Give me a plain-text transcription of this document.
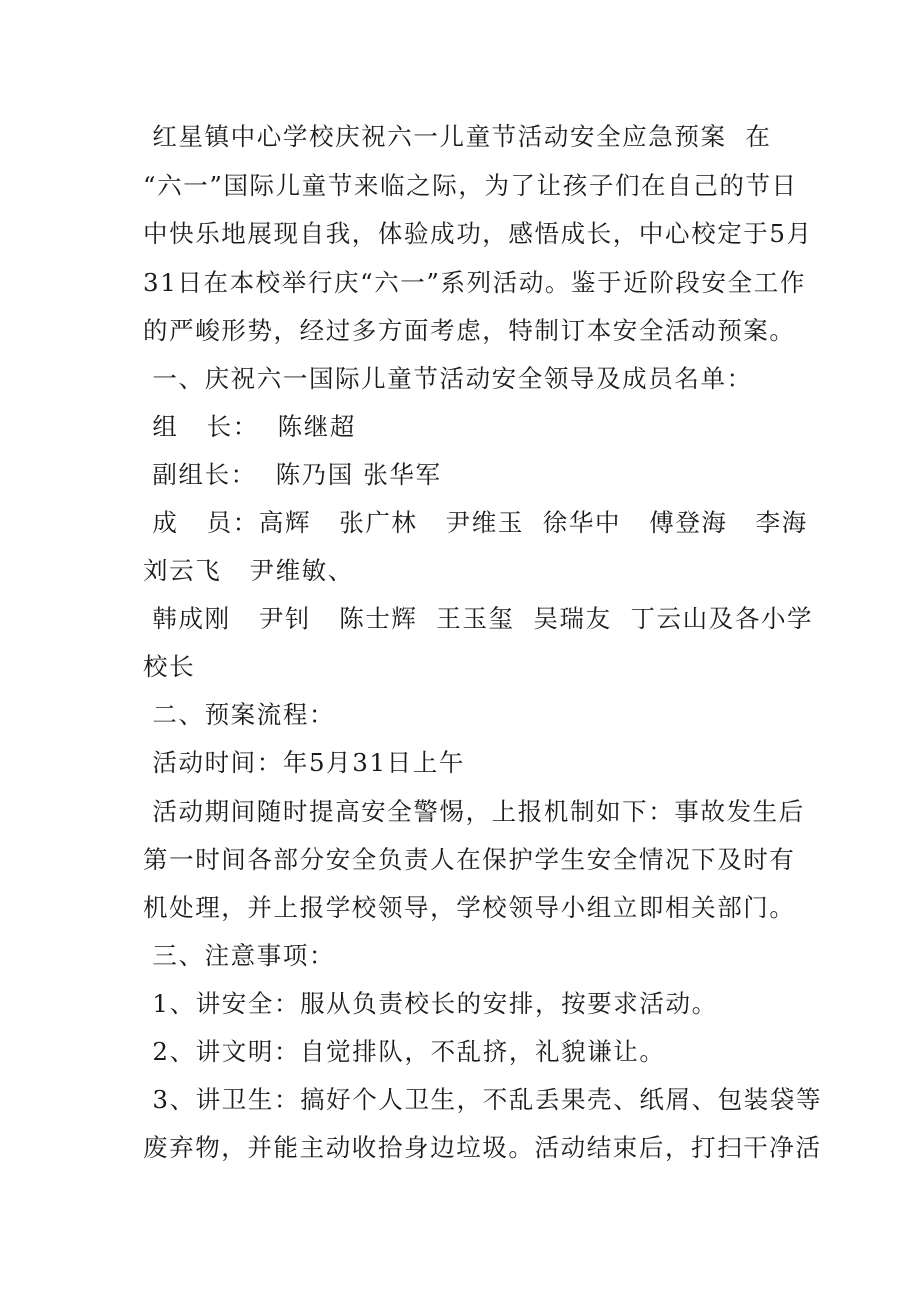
红星镇中心学校庆祝六一儿童节活动安全应急预案  在
“六一”国际儿童节来临之际，为了让孩子们在自己的节日
中快乐地展现自我，体验成功，感悟成长，中心校定于5月
31日在本校举行庆“六一”系列活动。鉴于近阶段安全工作
的严峻形势，经过多方面考虑，特制订本安全活动预案。
一、庆祝六一国际儿童节活动安全领导及成员名单：
组   长：  陈继超
副组长：  陈乃国 张华军
成   员：高辉   张广林   尹维玉  徐华中   傅登海   李海
刘云飞   尹维敏、
韩成刚   尹钊   陈士辉  王玉玺  吴瑞友  丁云山及各小学
校长
二、预案流程：
活动时间：年5月31日上午
活动期间随时提高安全警惕，上报机制如下：事故发生后
第一时间各部分安全负责人在保护学生安全情况下及时有
机处理，并上报学校领导，学校领导小组立即相关部门。
三、注意事项：
1、讲安全：服从负责校长的安排，按要求活动。
2、讲文明：自觉排队，不乱挤，礼貌谦让。
3、讲卫生：搞好个人卫生，不乱丢果壳、纸屑、包装袋等
废弃物，并能主动收拾身边垃圾。活动结束后，打扫干净活
